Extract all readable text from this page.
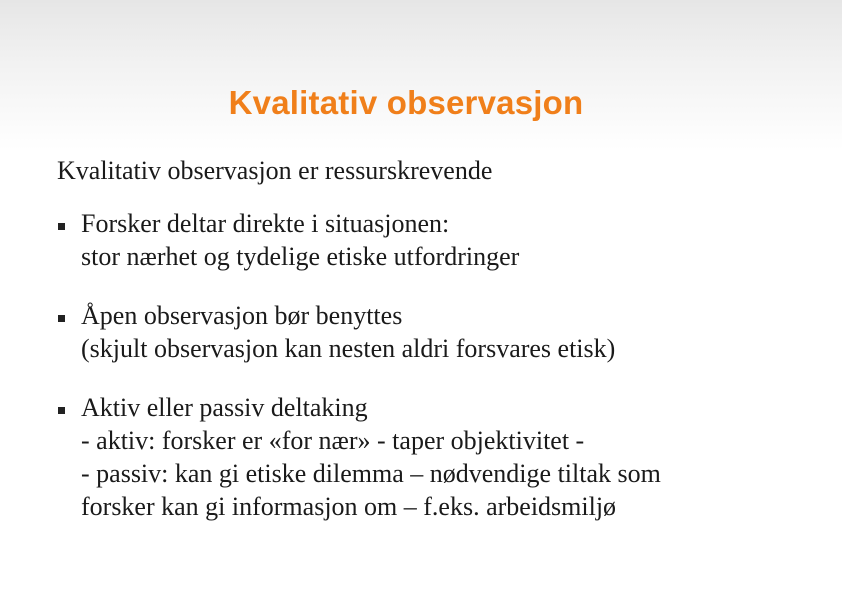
Kvalitativ observasjon

Kvalitativ observasjon er ressurskrevende

Forsker deltar direkte i situasjonen:
stor nærhet og tydelige etiske utfordringer
Åpen observasjon bør benyttes
(skjult observasjon kan nesten aldri forsvares etisk)
Aktiv eller passiv deltaking
- aktiv: forsker er «for nær» - taper objektivitet -
- passiv: kan gi etiske dilemma – nødvendige tiltak som
forsker kan gi informasjon om – f.eks. arbeidsmiljø
